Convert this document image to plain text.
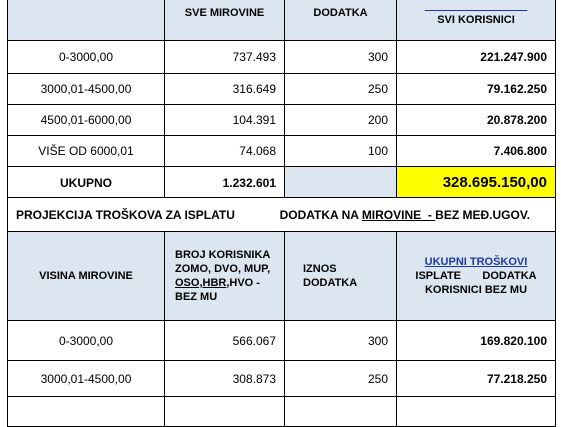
	SVE MIROVINE	DODATKA	SVI KORISNICI

0-3000,00	737.493	300	221.247.900
3000,01-4500,00	316.649	250	79.162.250
4500,01-6000,00	104.391	200	20.878.200
VIŠE OD 6000,01	74.068	100	7.406.800
UKUPNO	1.232.601		328.695.150,00
PROJEKCIJA TROŠKOVA ZA ISPLATU DODATKA NA MIROVINE  - BEZ MEĐ.UGOV.			
VISINA MIROVINE	BROJ KORISNIKA ZOMO, DVO, MUP, OSO,HBR,HVO - BEZ MU	IZNOS DODATKA	UKUPNI TROŠKOVI
ISPLATE       DODATKA
KORISNICI BEZ MU

0-3000,00	566.067	300	169.820.100
3000,01-4500,00	308.873	250	77.218.250
